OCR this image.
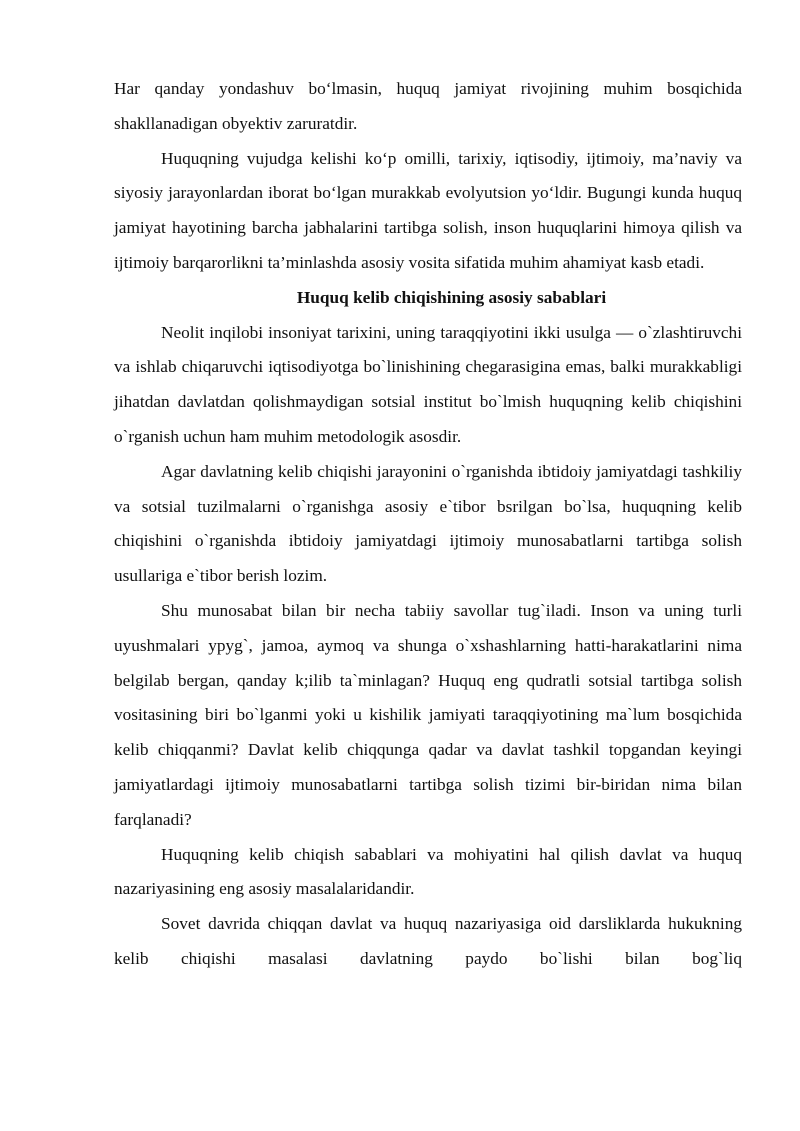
Har qanday yondashuv bo‘lmasin, huquq jamiyat rivojining muhim bosqichida shakllanadigan obyektiv zaruratdir.

Huquqning vujudga kelishi ko‘p omilli, tarixiy, iqtisodiy, ijtimoiy, ma’naviy va siyosiy jarayonlardan iborat bo‘lgan murakkab evolyutsion yo‘ldir. Bugungi kunda huquq jamiyat hayotining barcha jabhalarini tartibga solish, inson huquqlarini himoya qilish va ijtimoiy barqarorlikni ta’minlashda asosiy vosita sifatida muhim ahamiyat kasb etadi.

Huquq kelib chiqishining asosiy sabablari

Neolit inqilobi insoniyat tarixini, uning taraqqiyotini ikki usulga — o`zlashtiruvchi va ishlab chiqaruvchi iqtisodiyotga bo`linishining chegarasigina emas, balki murakkabligi jihatdan davlatdan qolishmaydigan sotsial institut bo`lmish huquqning kelib chiqishini o`rganish uchun ham muhim metodologik asosdir.

Agar davlatning kelib chiqishi jarayonini o`rganishda ibtidoiy jamiyatdagi tashkiliy va sotsial tuzilmalarni o`rganishga asosiy e`tibor bsrilgan bo`lsa, huquqning kelib chiqishini o`rganishda ibtidoiy jamiyatdagi ijtimoiy munosabatlarni tartibga solish usullariga e`tibor berish lozim.

Shu munosabat bilan bir necha tabiiy savollar tug`iladi. Inson va uning turli uyushmalari ypyg`, jamoa, aymoq va shunga o`xshashlarning hatti-harakatlarini nima belgilab bergan, qanday k;ilib ta`minlagan? Huquq eng qudratli sotsial tartibga solish vositasining biri bo`lganmi yoki u kishilik jamiyati taraqqiyotining ma`lum bosqichida kelib chiqqanmi? Davlat kelib chiqqunga qadar va davlat tashkil topgandan keyingi jamiyatlardagi ijtimoiy munosabatlarni tartibga solish tizimi bir-biridan nima bilan farqlanadi?

Huquqning kelib chiqish sabablari va mohiyatini hal qilish davlat va huquq nazariyasining eng asosiy masalalaridandir.

Sovet davrida chiqqan davlat va huquq nazariyasiga oid darsliklarda hukukning kelib chiqishi masalasi davlatning paydo bo`lishi bilan bog`liq
